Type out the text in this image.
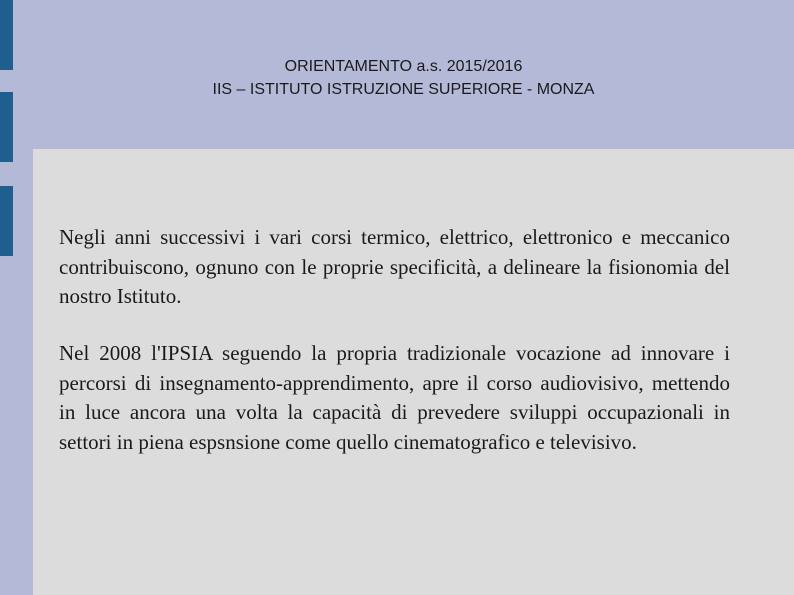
ORIENTAMENTO a.s. 2015/2016
IIS – ISTITUTO ISTRUZIONE SUPERIORE - MONZA
Negli anni successivi i vari corsi termico, elettrico, elettronico e meccanico contribuiscono, ognuno con le proprie specificità, a delineare la fisionomia del nostro Istituto.
Nel 2008 l'IPSIA seguendo la propria tradizionale vocazione ad innovare i percorsi di insegnamento-apprendimento, apre il corso audiovisivo, mettendo in luce ancora una volta la capacità di prevedere sviluppi occupazionali in settori in piena espsnsione come quello cinematografico e televisivo.
